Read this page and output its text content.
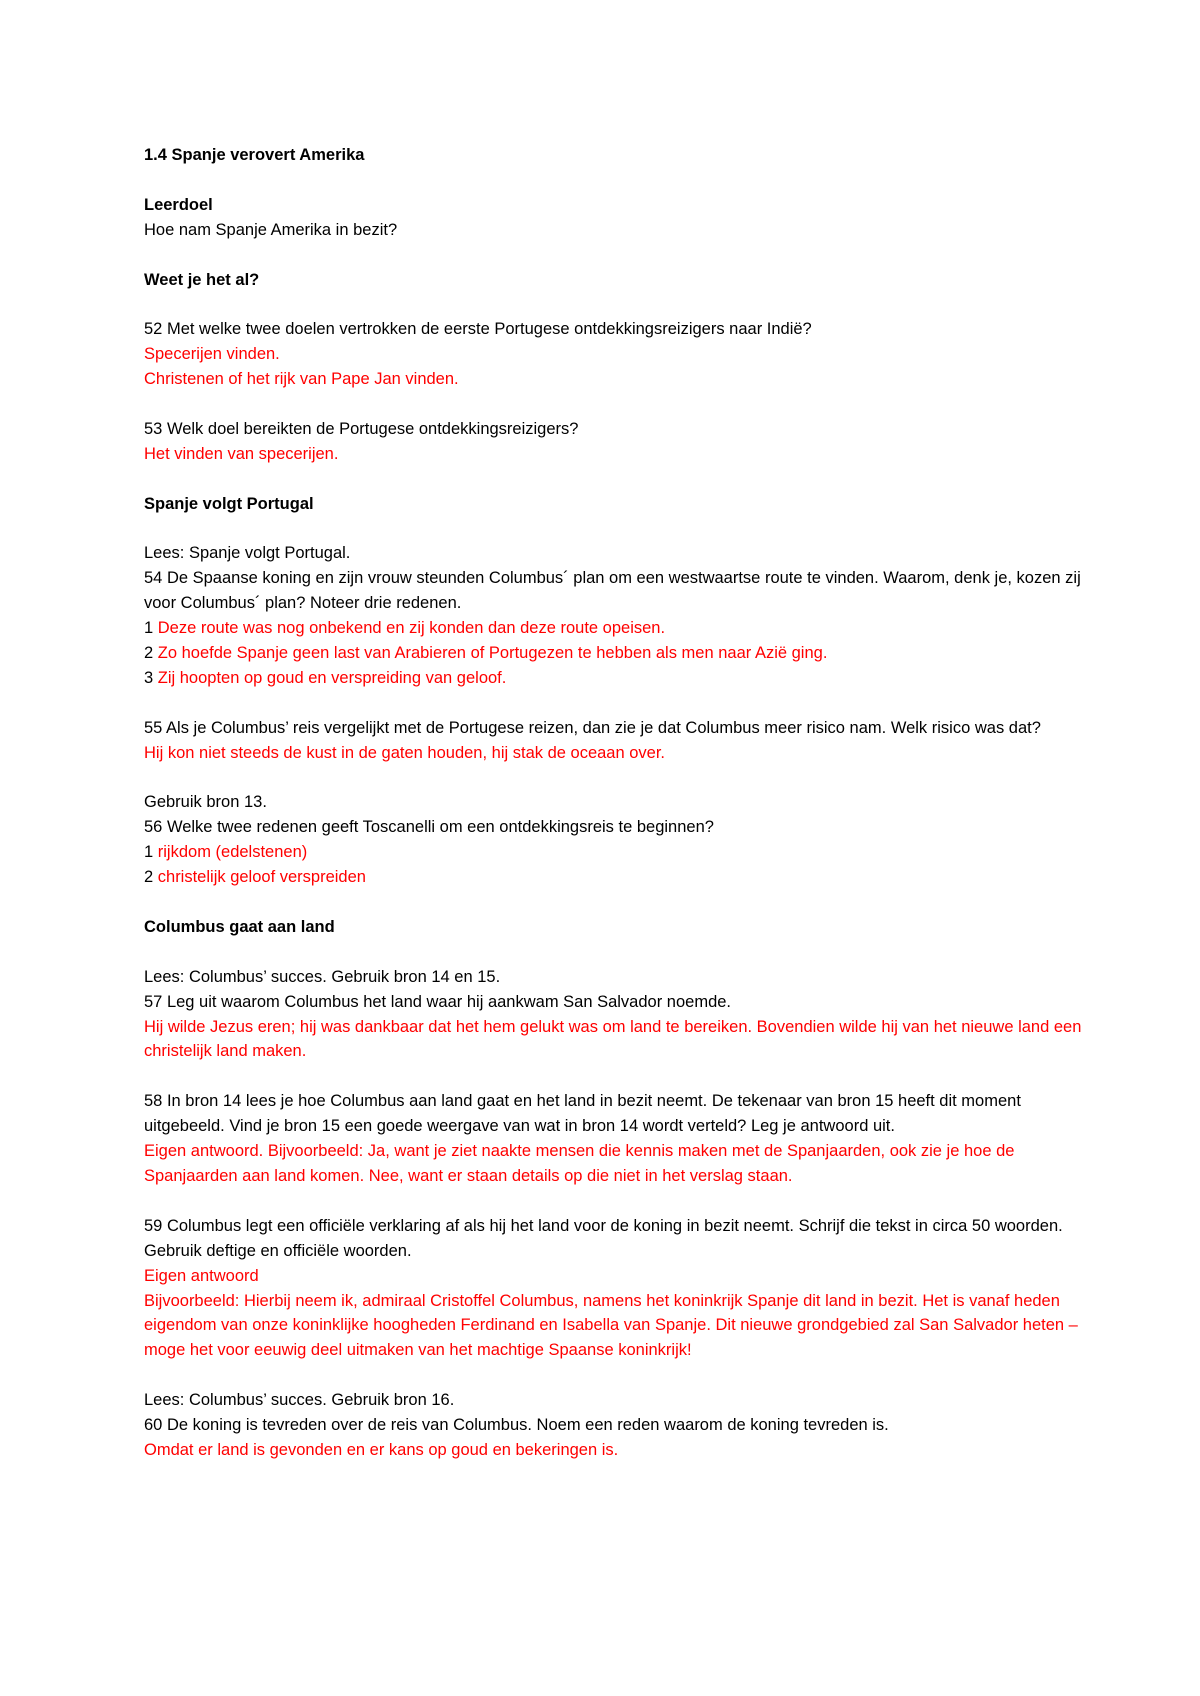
1.4 Spanje verovert Amerika

Leerdoel

Hoe nam Spanje Amerika in bezit?

Weet je het al?

52 Met welke twee doelen vertrokken de eerste Portugese ontdekkingsreizigers naar Indië?

Specerijen vinden.

Christenen of het rijk van Pape Jan vinden.

53 Welk doel bereikten de Portugese ontdekkingsreizigers?

Het vinden van specerijen.

Spanje volgt Portugal

Lees: Spanje volgt Portugal.

54 De Spaanse koning en zijn vrouw steunden Columbus´ plan om een westwaartse route te vinden. Waarom, denk je, kozen zij voor Columbus´ plan? Noteer drie redenen.

1 Deze route was nog onbekend en zij konden dan deze route opeisen.

2 Zo hoefde Spanje geen last van Arabieren of Portugezen te hebben als men naar Azië ging.

3 Zij hoopten op goud en verspreiding van geloof.

55 Als je Columbus’ reis vergelijkt met de Portugese reizen, dan zie je dat Columbus meer risico nam. Welk risico was dat?

Hij kon niet steeds de kust in de gaten houden, hij stak de oceaan over.

Gebruik bron 13.

56 Welke twee redenen geeft Toscanelli om een ontdekkingsreis te beginnen?

1 rijkdom (edelstenen)

2 christelijk geloof verspreiden

Columbus gaat aan land

Lees: Columbus’ succes. Gebruik bron 14 en 15.

57 Leg uit waarom Columbus het land waar hij aankwam San Salvador noemde.

Hij wilde Jezus eren; hij was dankbaar dat het hem gelukt was om land te bereiken. Bovendien wilde hij van het nieuwe land een christelijk land maken.

58 In bron 14 lees je hoe Columbus aan land gaat en het land in bezit neemt. De tekenaar van bron 15 heeft dit moment uitgebeeld. Vind je bron 15 een goede weergave van wat in bron 14 wordt verteld? Leg je antwoord uit.

Eigen antwoord. Bijvoorbeeld: Ja, want je ziet naakte mensen die kennis maken met de Spanjaarden, ook zie je hoe de Spanjaarden aan land komen. Nee, want er staan details op die niet in het verslag staan.

59 Columbus legt een officiële verklaring af als hij het land voor de koning in bezit neemt. Schrijf die tekst in circa 50 woorden. Gebruik deftige en officiële woorden.

Eigen antwoord

Bijvoorbeeld: Hierbij neem ik, admiraal Cristoffel Columbus, namens het koninkrijk Spanje dit land in bezit. Het is vanaf heden eigendom van onze koninklijke hoogheden Ferdinand en Isabella van Spanje. Dit nieuwe grondgebied zal San Salvador heten – moge het voor eeuwig deel uitmaken van het machtige Spaanse koninkrijk!

Lees: Columbus’ succes. Gebruik bron 16.

60 De koning is tevreden over de reis van Columbus. Noem een reden waarom de koning tevreden is.

Omdat er land is gevonden en er kans op goud en bekeringen is.
